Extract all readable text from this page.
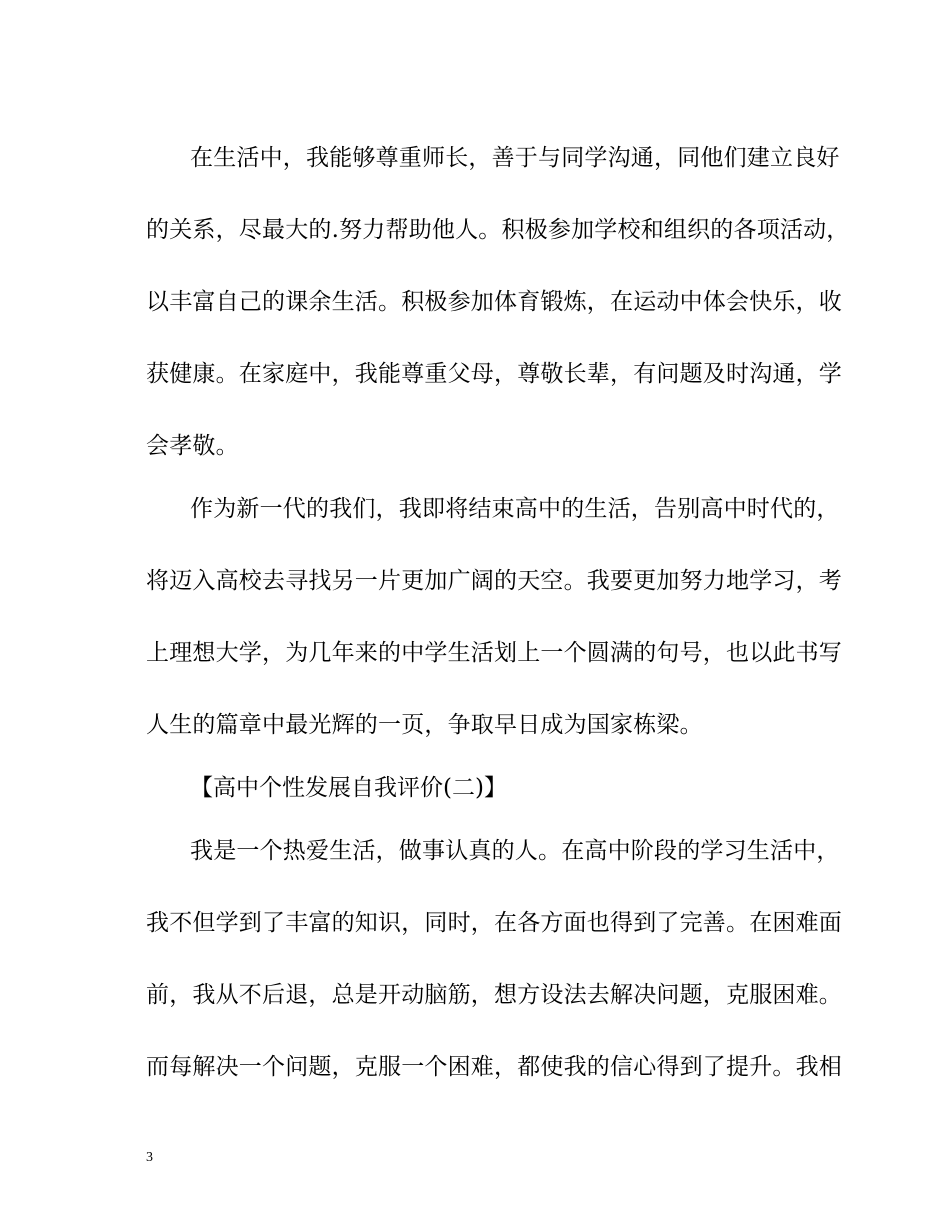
在生活中，我能够尊重师长，善于与同学沟通，同他们建立良好
的关系，尽最大的.努力帮助他人。积极参加学校和组织的各项活动，
以丰富自己的课余生活。积极参加体育锻炼，在运动中体会快乐，收
获健康。在家庭中，我能尊重父母，尊敬长辈，有问题及时沟通，学
会孝敬。
作为新一代的我们，我即将结束高中的生活，告别高中时代的，
将迈入高校去寻找另一片更加广阔的天空。我要更加努力地学习，考
上理想大学，为几年来的中学生活划上一个圆满的句号，也以此书写
人生的篇章中最光辉的一页，争取早日成为国家栋梁。
【高中个性发展自我评价(二)】
我是一个热爱生活，做事认真的人。在高中阶段的学习生活中，
我不但学到了丰富的知识，同时，在各方面也得到了完善。在困难面
前，我从不后退，总是开动脑筋，想方设法去解决问题，克服困难。
而每解决一个问题，克服一个困难，都使我的信心得到了提升。我相
3
